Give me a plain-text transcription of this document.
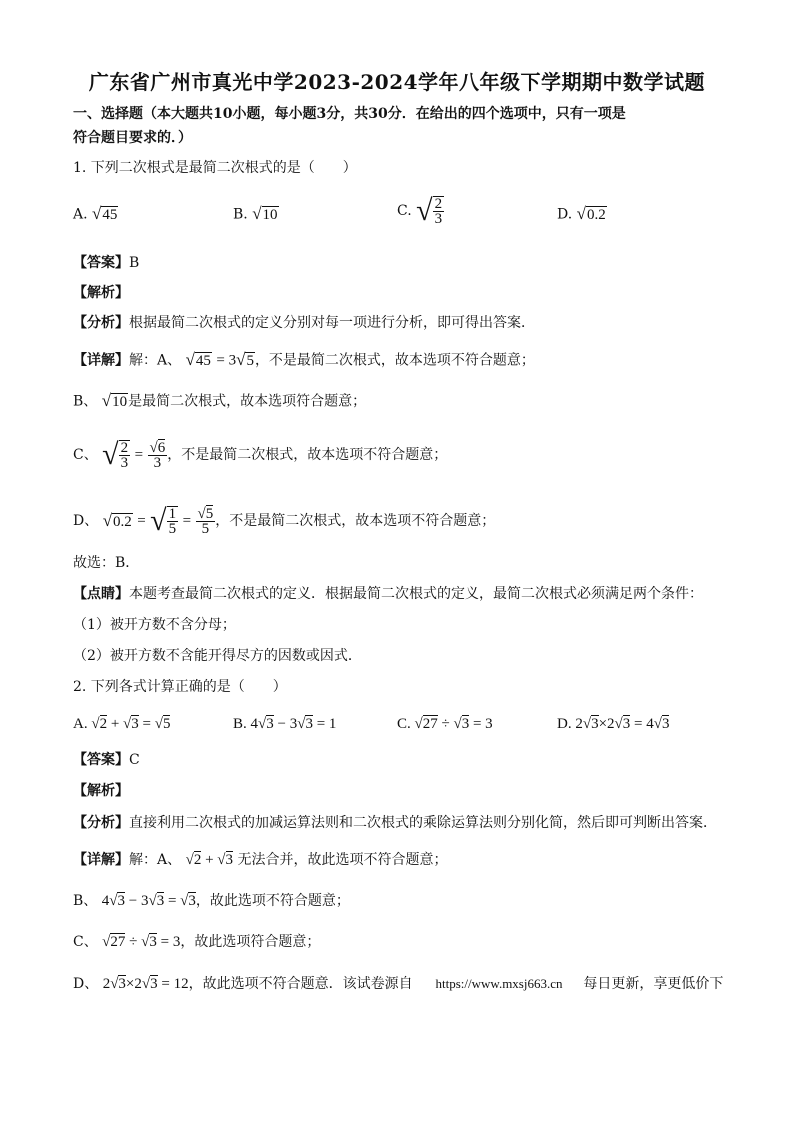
广东省广州市真光中学2023-2024学年八年级下学期期中数学试题
一、选择题（本大题共10小题，每小题3分，共30分．在给出的四个选项中，只有一项是
符合题目要求的．）
1. 下列二次根式是最简二次根式的是（　　）
A. √45	B. √10	C. √ $\frac{2}{3}$	D. √0.2
【答案】B
【解析】
【分析】根据最简二次根式的定义分别对每一项进行分析，即可得出答案．
【详解】解：A、 √45 = 3√5，不是最简二次根式，故本选项不符合题意；
B、 √10是最简二次根式，故本选项符合题意；
C、 √ $\frac{2}{3} = \frac{√6}{3}$ ，不是最简二次根式，故本选项不符合题意；
D、 √0.2 = √ $\frac{1}{5} = \frac{√5}{5}$ ，不是最简二次根式，故本选项不符合题意；
故选：B．
【点睛】本题考查最简二次根式的定义．根据最简二次根式的定义，最简二次根式必须满足两个条件：
（1）被开方数不含分母；
（2）被开方数不含能开得尽方的因数或因式．
2. 下列各式计算正确的是（　　）
A. √2 + √3 = √5	B. 4√3 − 3√3 = 1	C. √27 ÷ √3 = 3	D. 2√3×2√3 = 4√3
【答案】C
【解析】
【分析】直接利用二次根式的加减运算法则和二次根式的乘除运算法则分别化简，然后即可判断出答案．
【详解】解：A、 √2 + √3 无法合并，故此选项不符合题意；
B、 4√3 − 3√3 = √3，故此选项不符合题意；
C、 √27 ÷ √3 = 3，故此选项符合题意；
D、 2√3×2√3 = 12，故此选项不符合题意．该试卷源自 https://www.mxsj663.cn 每日更新，享更低价下
